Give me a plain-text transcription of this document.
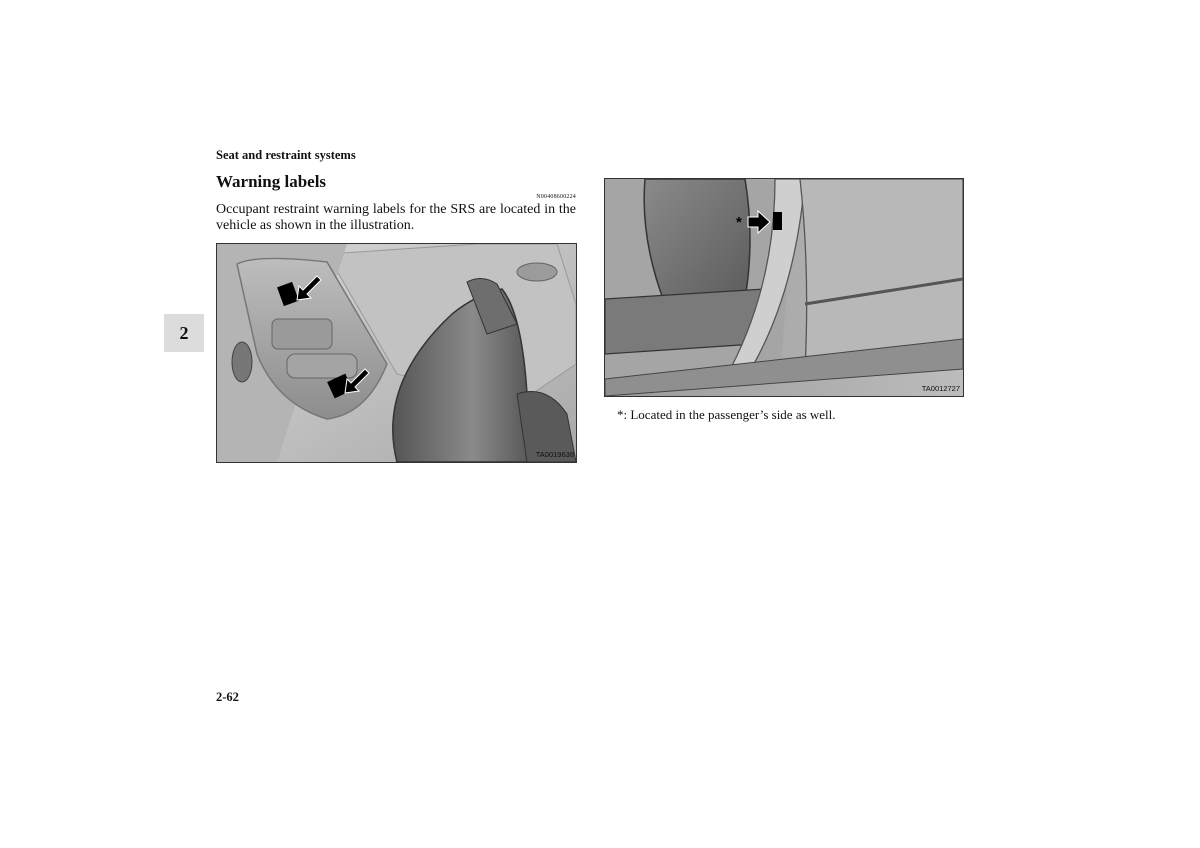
Seat and restraint systems
Warning labels
N00408600224
Occupant restraint warning labels for the SRS are located in the vehicle as shown in the illustration.
2
TA0019638
*
TA0012727
*: Located in the passenger’s side as well.
2-62
